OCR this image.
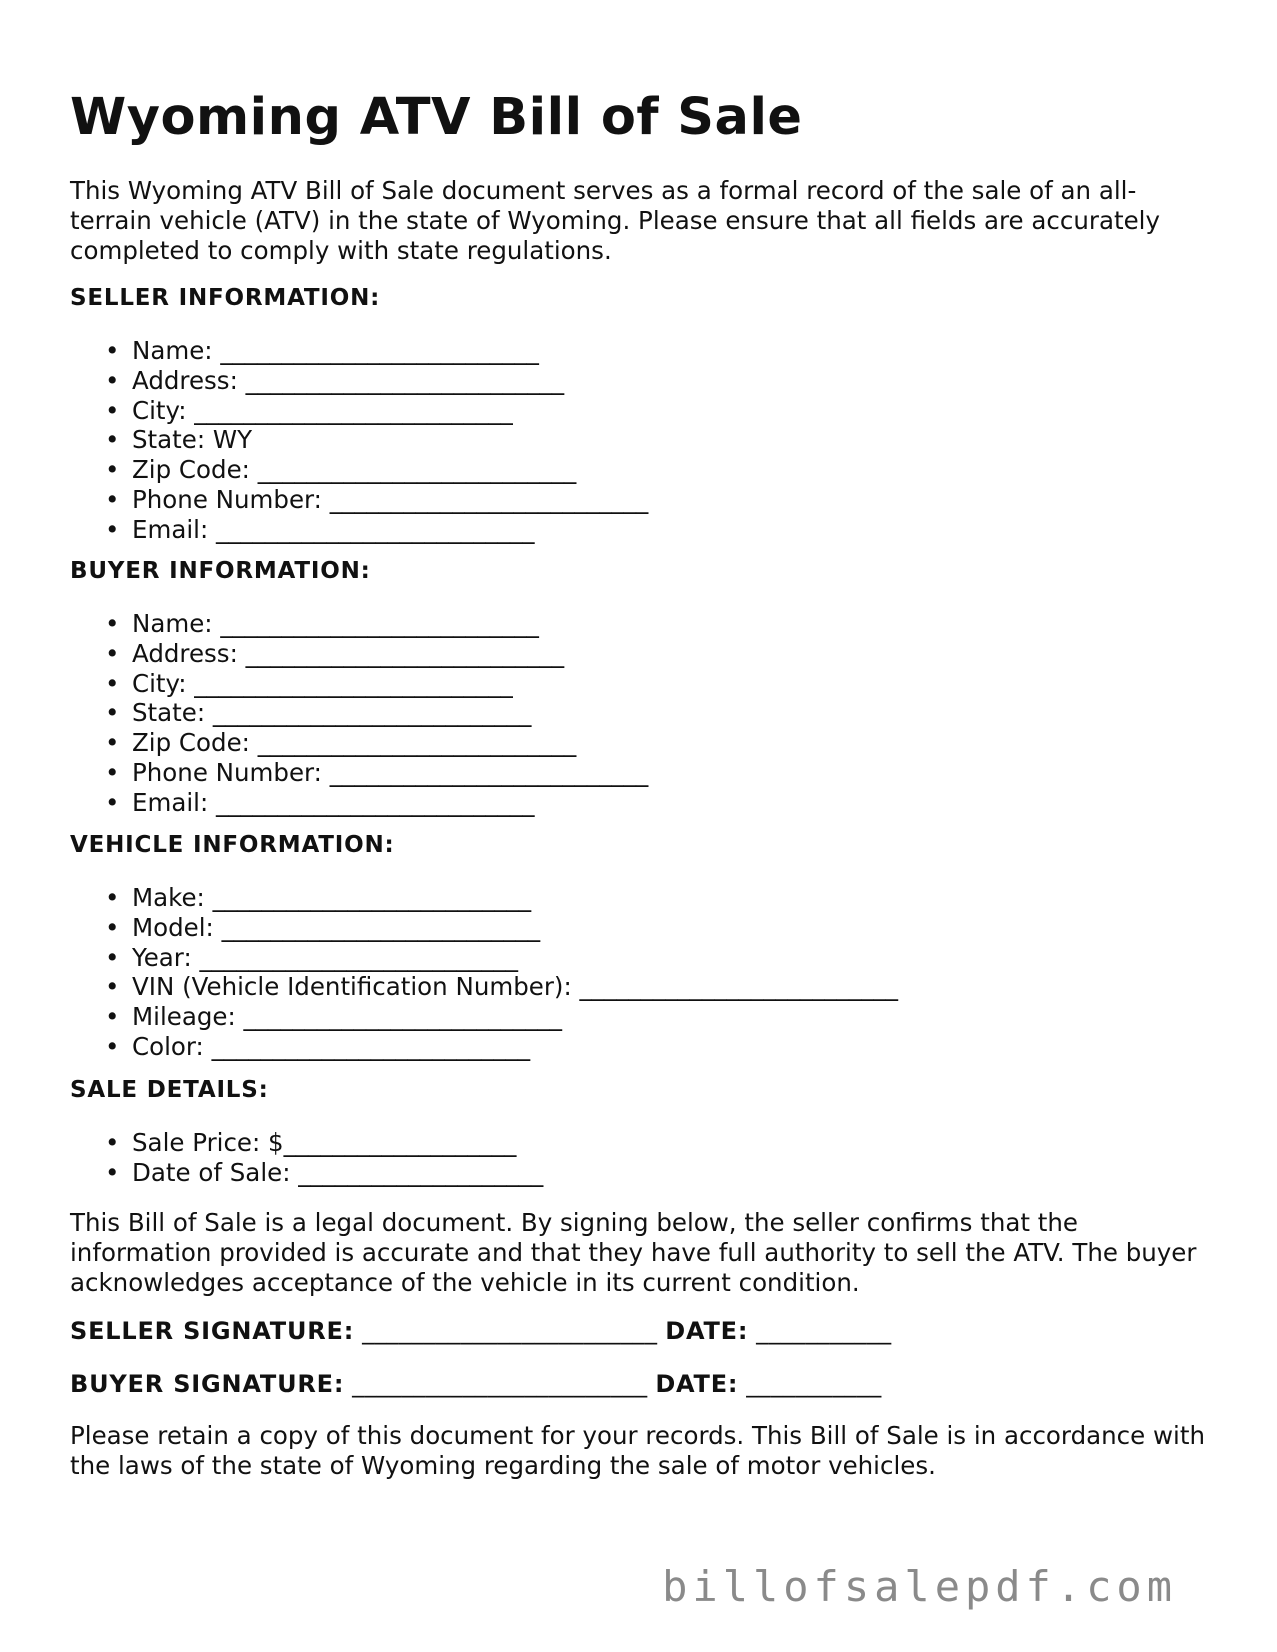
Wyoming ATV Bill of Sale

This Wyoming ATV Bill of Sale document serves as a formal record of the sale of an all-terrain vehicle (ATV) in the state of Wyoming. Please ensure that all fields are accurately completed to comply with state regulations.

SELLER INFORMATION:
• Name: __________________________
• Address: __________________________
• City: __________________________
• State: WY
• Zip Code: __________________________
• Phone Number: __________________________
• Email: __________________________
BUYER INFORMATION:
• Name: __________________________
• Address: __________________________
• City: __________________________
• State: __________________________
• Zip Code: __________________________
• Phone Number: __________________________
• Email: __________________________
VEHICLE INFORMATION:
• Make: __________________________
• Model: __________________________
• Year: __________________________
• VIN (Vehicle Identification Number): __________________________
• Mileage: __________________________
• Color: __________________________
SALE DETAILS:
• Sale Price: $___________________
• Date of Sale: ____________________

This Bill of Sale is a legal document. By signing below, the seller confirms that the information provided is accurate and that they have full authority to sell the ATV. The buyer acknowledges acceptance of the vehicle in its current condition.

SELLER SIGNATURE: ________________________ DATE: ___________
BUYER SIGNATURE: ________________________ DATE: ___________

Please retain a copy of this document for your records. This Bill of Sale is in accordance with the laws of the state of Wyoming regarding the sale of motor vehicles.

billofsalepdf.com
